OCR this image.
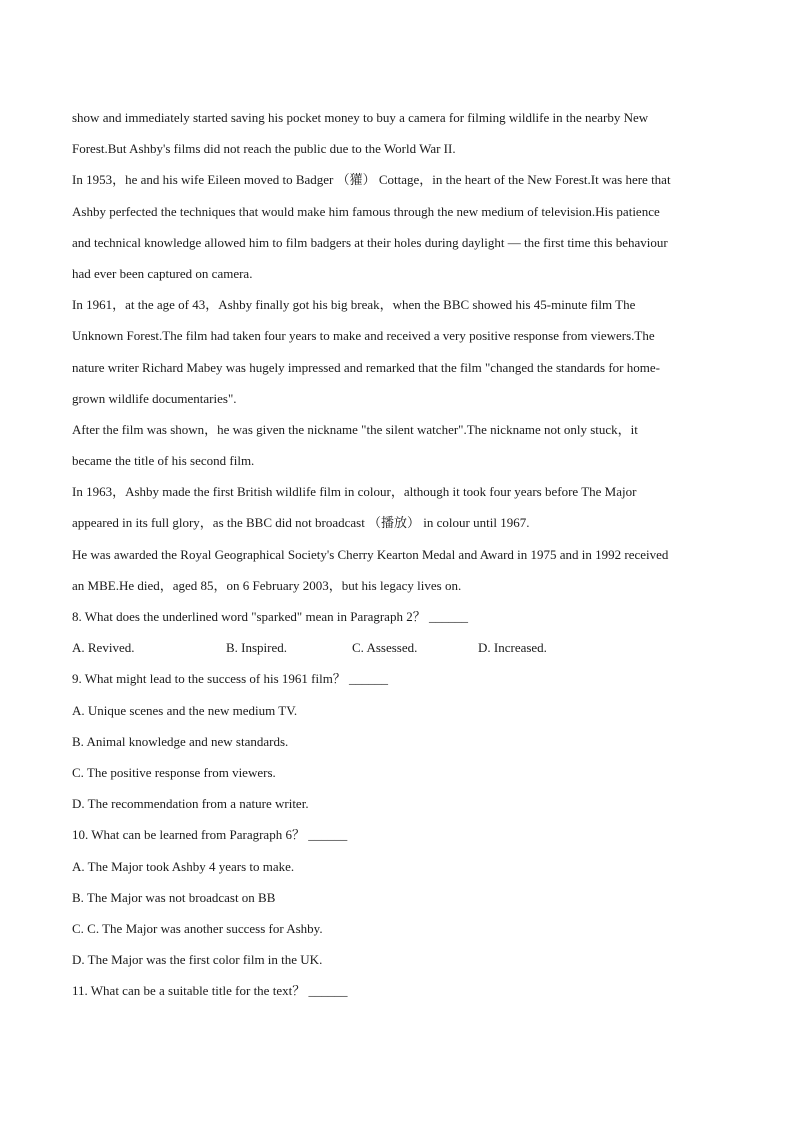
show and immediately started saving his pocket money to buy a camera for filming wildlife in the nearby New
Forest.But Ashby's films did not reach the public due to the World War II.
In 1953，he and his wife Eileen moved to Badger （獾） Cottage，in the heart of the New Forest.It was here that
Ashby perfected the techniques that would make him famous through the new medium of television.His patience
and technical knowledge allowed him to film badgers at their holes during daylight — the first time this behaviour
had ever been captured on camera.
In 1961，at the age of 43，Ashby finally got his big break，when the BBC showed his 45-minute film The
Unknown Forest.The film had taken four years to make and received a very positive response from viewers.The
nature writer Richard Mabey was hugely impressed and remarked that the film "changed the standards for home-
grown wildlife documentaries".
After the film was shown，he was given the nickname "the silent watcher".The nickname not only stuck，it
became the title of his second film.
In 1963，Ashby made the first British wildlife film in colour，although it took four years before The Major
appeared in its full glory，as the BBC did not broadcast （播放） in colour until 1967.
He was awarded the Royal Geographical Society's Cherry Kearton Medal and Award in 1975 and in 1992 received
an MBE.He died，aged 85，on 6 February 2003，but his legacy lives on.
8. What does the underlined word "sparked" mean in Paragraph 2？ ______
A. Revived.	B. Inspired.	C. Assessed.	D. Increased.
9. What might lead to the success of his 1961 film？ ______
A. Unique scenes and the new medium TV.
B. Animal knowledge and new standards.
C. The positive response from viewers.
D. The recommendation from a nature writer.
10. What can be learned from Paragraph 6？ ______
A. The Major took Ashby 4 years to make.
B. The Major was not broadcast on BB
C. C. The Major was another success for Ashby.
D. The Major was the first color film in the UK.
11. What can be a suitable title for the text？ ______
